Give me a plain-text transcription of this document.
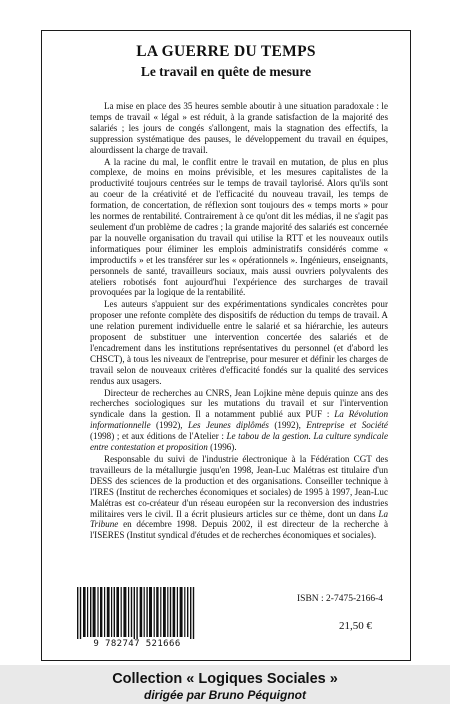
LA GUERRE DU TEMPS
Le travail en quête de mesure

La mise en place des 35 heures semble aboutir à une situation paradoxale : le temps de travail « légal » est réduit, à la grande satisfaction de la majorité des salariés ; les jours de congés s'allongent, mais la stagnation des effectifs, la suppression systématique des pauses, le développement du travail en équipes, alourdissent la charge de travail.

A la racine du mal, le conflit entre le travail en mutation, de plus en plus complexe, de moins en moins prévisible, et les mesures capitalistes de la productivité toujours centrées sur le temps de travail taylorisé. Alors qu'ils sont au coeur de la créativité et de l'efficacité du nouveau travail, les temps de formation, de concertation, de réflexion sont toujours des « temps morts » pour les normes de rentabilité. Contrairement à ce qu'ont dit les médias, il ne s'agit pas seulement d'un problème de cadres ; la grande majorité des salariés est concernée par la nouvelle organisation du travail qui utilise la RTT et les nouveaux outils informatiques pour éliminer les emplois administratifs considérés comme « improductifs » et les transférer sur les « opérationnels ». Ingénieurs, enseignants, personnels de santé, travailleurs sociaux, mais aussi ouvriers polyvalents des ateliers robotisés font aujourd'hui l'expérience des surcharges de travail provoquées par la logique de la rentabilité.

Les auteurs s'appuient sur des expérimentations syndicales concrètes pour proposer une refonte complète des dispositifs de réduction du temps de travail. A une relation purement individuelle entre le salarié et sa hiérarchie, les auteurs proposent de substituer une intervention concertée des salariés et de l'encadrement dans les institutions représentatives du personnel (et d'abord les CHSCT), à tous les niveaux de l'entreprise, pour mesurer et définir les charges de travail selon de nouveaux critères d'efficacité fondés sur la qualité des services rendus aux usagers.

Directeur de recherches au CNRS, Jean Lojkine mène depuis quinze ans des recherches sociologiques sur les mutations du travail et sur l'intervention syndicale dans la gestion. Il a notamment publié aux PUF : La Révolution informationnelle (1992), Les Jeunes diplômés (1992), Entreprise et Société (1998) ; et aux éditions de l'Atelier : Le tabou de la gestion. La culture syndicale entre contestation et proposition (1996).

Responsable du suivi de l'industrie électronique à la Fédération CGT des travailleurs de la métallurgie jusqu'en 1998, Jean-Luc Malétras est titulaire d'un DESS des sciences de la production et des organisations. Conseiller technique à l'IRES (Institut de recherches économiques et sociales) de 1995 à 1997, Jean-Luc Malétras est co-créateur d'un réseau européen sur la reconversion des industries militaires vers le civil. Il a écrit plusieurs articles sur ce thème, dont un dans La Tribune en décembre 1998. Depuis 2002, il est directeur de la recherche à l'ISERES (Institut syndical d'études et de recherches économiques et sociales).

ISBN : 2-7475-2166-4
21,50 €
9 782747 521666
Collection « Logiques Sociales »
dirigée par Bruno Péquignot
